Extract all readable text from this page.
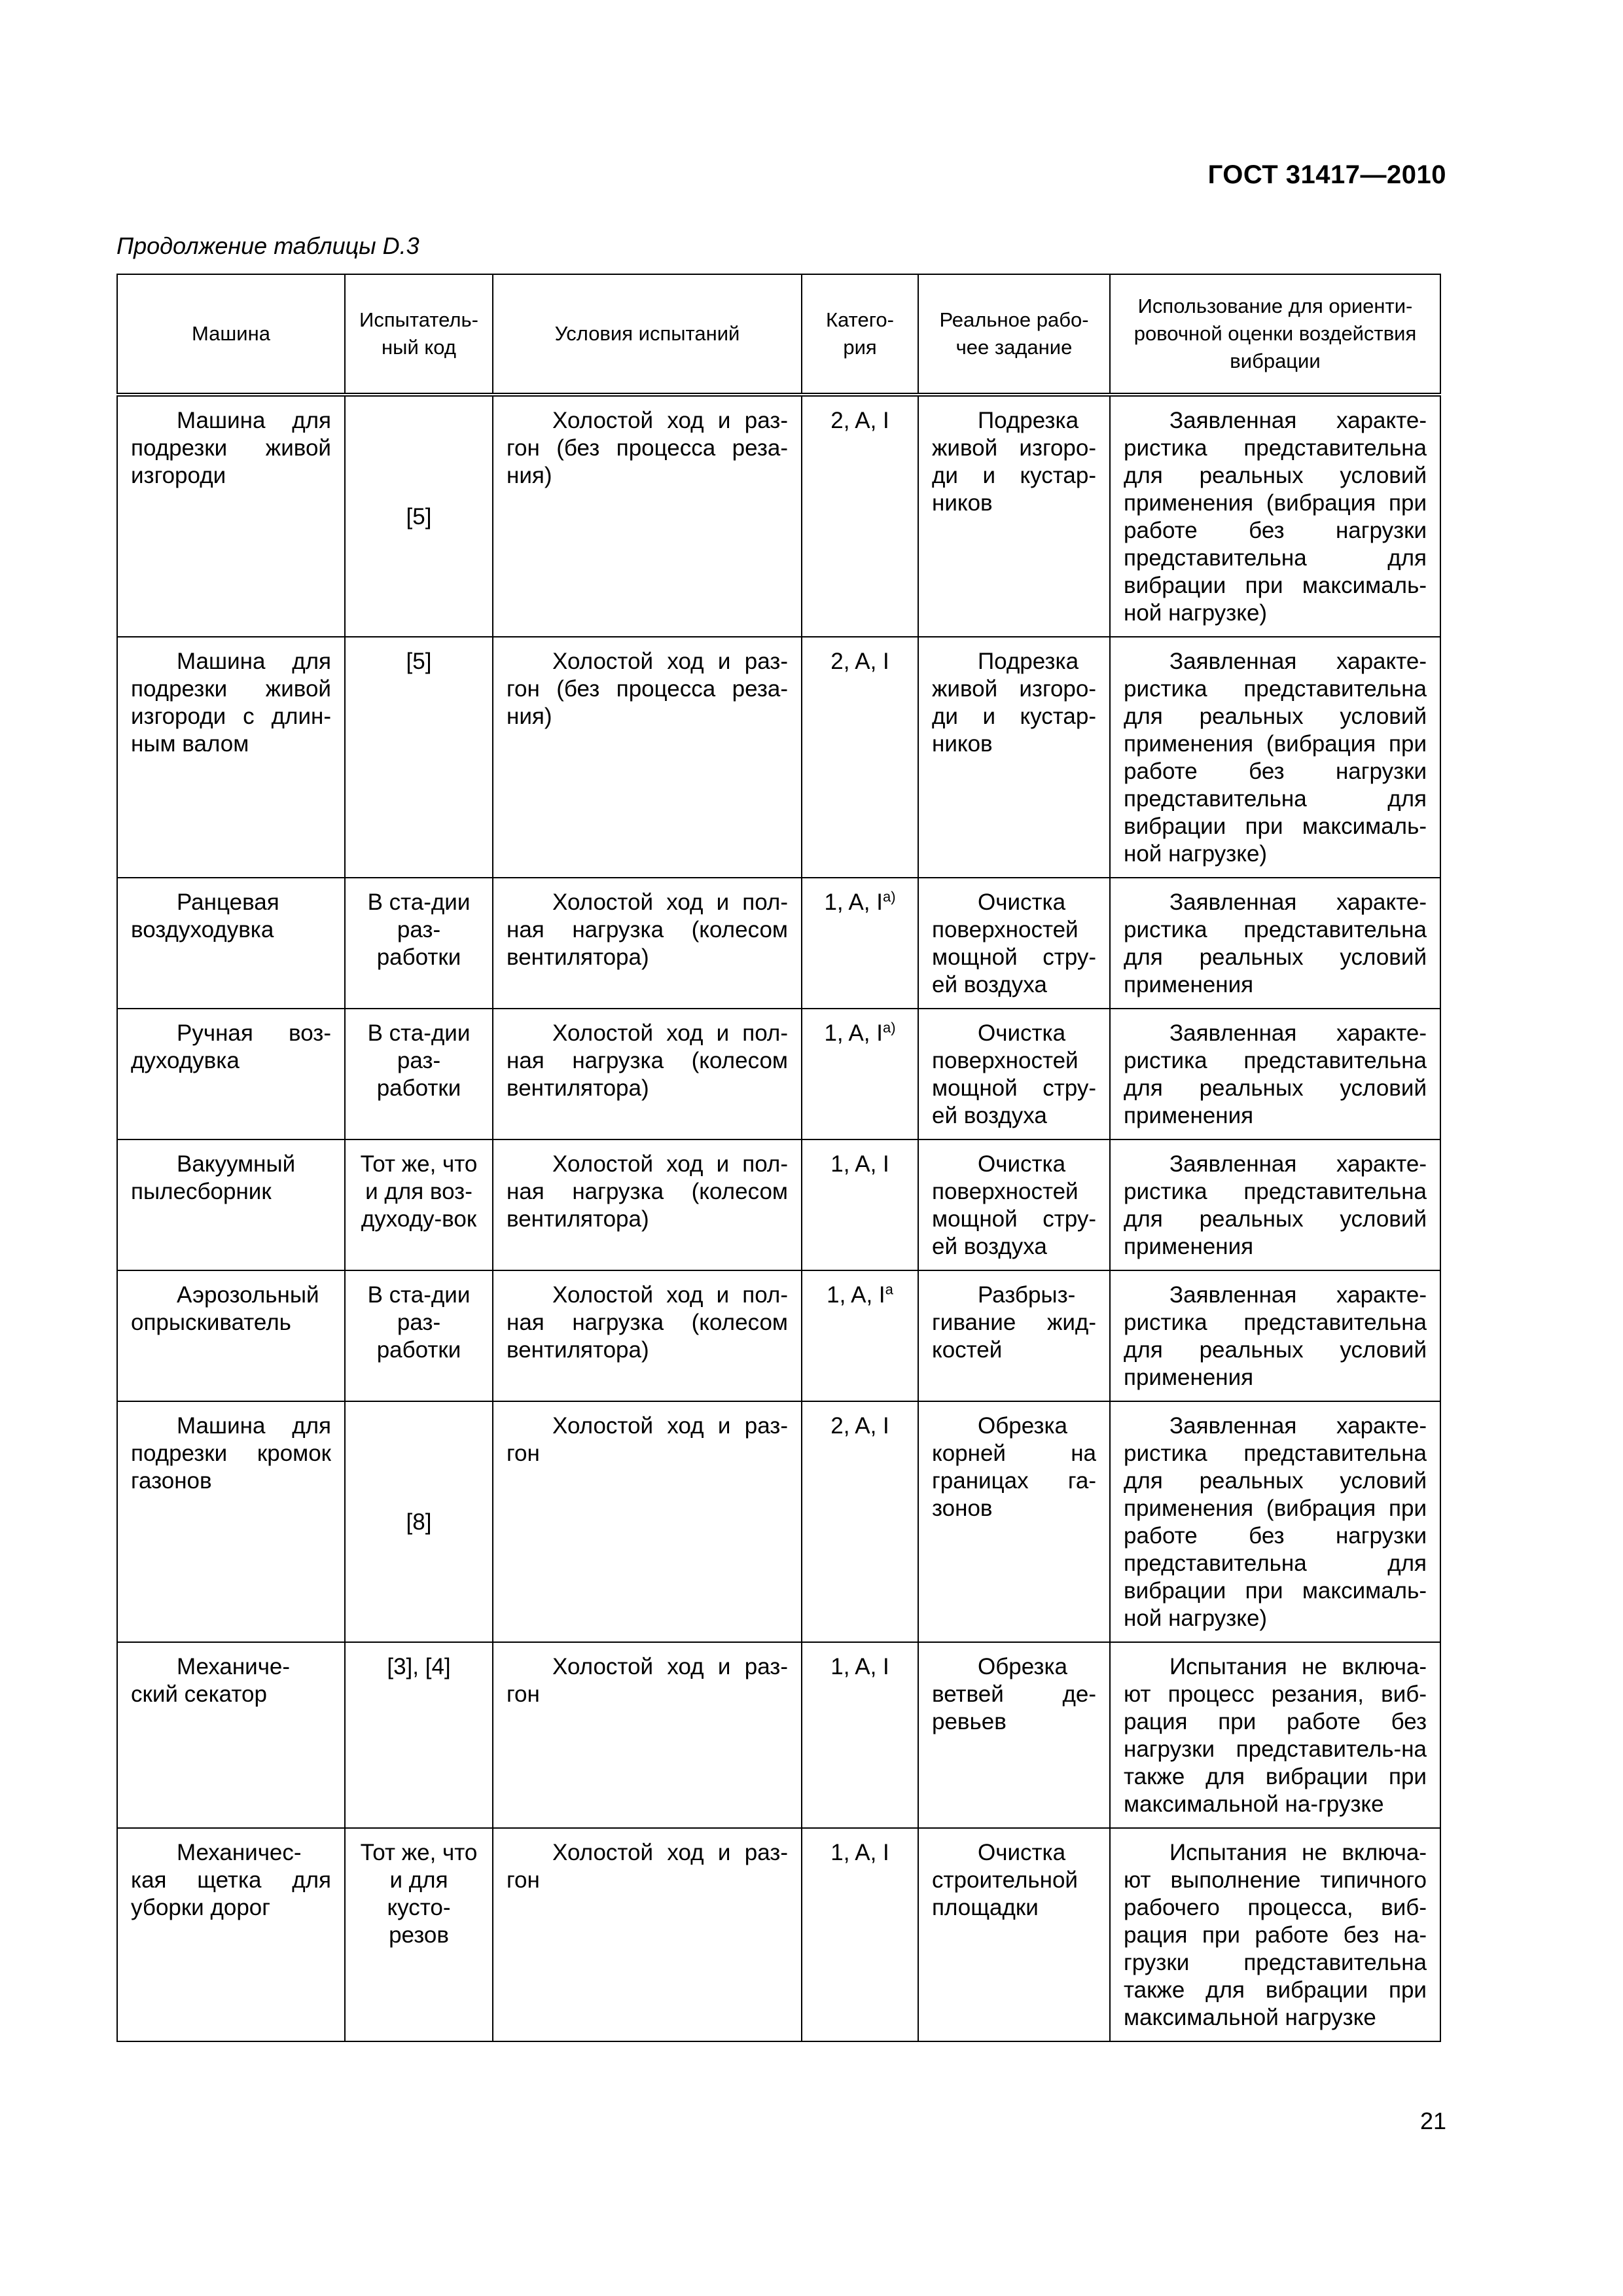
ГОСТ 31417—2010
Продолжение таблицы D.3
Машина	Испытатель-ный код	Условия испытаний	Катего-рия	Реальное рабо-чее задание	Использование для ориенти-ровочной оценки воздействия вибрации
Машина для подрезки живой изгороди	[5]	Холостой ход и раз-гон (без процесса реза-ния)	2, A, I	Подрезка живой изгоро-ди и кустар-ников	Заявленная характе-ристика представительна для реальных условий применения (вибрация при работе без нагрузки представительна для вибрации при максималь-ной нагрузке)
Машина для подрезки живой изгороди с длин-ным валом	[5]	Холостой ход и раз-гон (без процесса реза-ния)	2, A, I	Подрезка живой изгоро-ди и кустар-ников	Заявленная характе-ристика представительна для реальных условий применения (вибрация при работе без нагрузки представительна для вибрации при максималь-ной нагрузке)
Ранцевая воздуходувка	В ста-дии раз-работки	Холостой ход и пол-ная нагрузка (колесом вентилятора)	1, A, $I^{a)}$	Очистка поверхностей мощной стру-ей воздуха	Заявленная характе-ристика представительна для реальных условий применения
Ручная воз-духодувка	В ста-дии раз-работки	Холостой ход и пол-ная нагрузка (колесом вентилятора)	1, A, $I^{a)}$	Очистка поверхностей мощной стру-ей воздуха	Заявленная характе-ристика представительна для реальных условий применения
Вакуумный пылесборник	Тот же, что и для воз-духоду-вок	Холостой ход и пол-ная нагрузка (колесом вентилятора)	1, A, I	Очистка поверхностей мощной стру-ей воздуха	Заявленная характе-ристика представительна для реальных условий применения
Аэрозольный опрыскиватель	В ста-дии раз-работки	Холостой ход и пол-ная нагрузка (колесом вентилятора)	1, A, $I^a$	Разбрыз-гивание жид-костей	Заявленная характе-ристика представительна для реальных условий применения
Машина для подрезки кромок газонов	[8]	Холостой ход и раз-гон	2, A, I	Обрезка корней на границах га-зонов	Заявленная характе-ристика представительна для реальных условий применения (вибрация при работе без нагрузки представительна для вибрации при максималь-ной нагрузке)
Механиче-ский секатор	[3], [4]	Холостой ход и раз-гон	1, A, I	Обрезка ветвей де-ревьев	Испытания не включа-ют процесс резания, виб-рация при работе без нагрузки представитель-на также для вибрации при максимальной на-грузке
Механичес-кая щетка для уборки дорог	Тот же, что и для кусто-резов	Холостой ход и раз-гон	1, A, I	Очистка строительной площадки	Испытания не включа-ют выполнение типичного рабочего процесса, виб-рация при работе без на-грузки представительна также для вибрации при максимальной нагрузке
21
